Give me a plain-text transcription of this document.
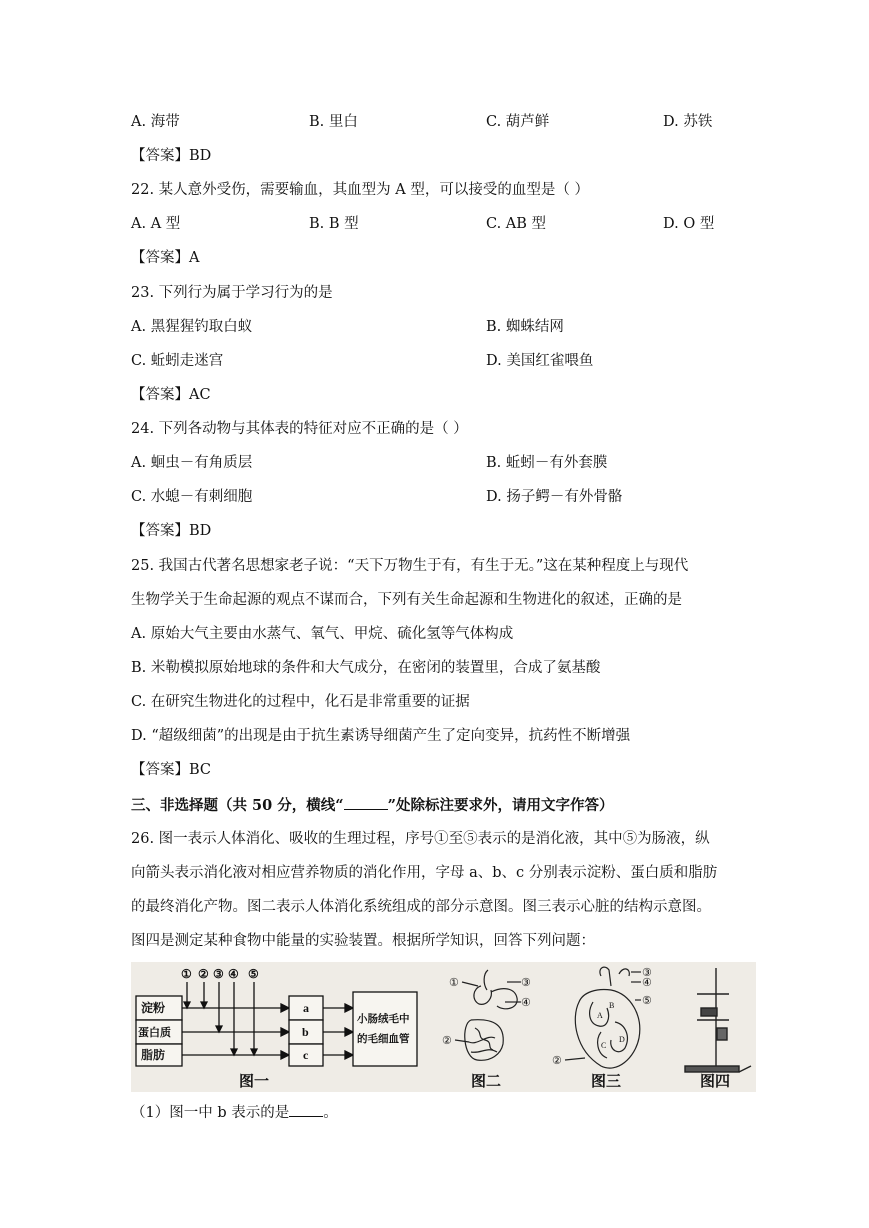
A. 海带	B. 里白	C. 葫芦鲜	D. 苏铁
【答案】BD
22. 某人意外受伤，需要输血，其血型为 A 型，可以接受的血型是（ ）
A. A 型	B. B 型	C. AB 型	D. O 型
【答案】A
23. 下列行为属于学习行为的是
A. 黑猩猩钓取白蚁	B. 蜘蛛结网
C. 蚯蚓走迷宫	D. 美国红雀喂鱼
【答案】AC
24. 下列各动物与其体表的特征对应不正确的是（ ）
A. 蛔虫－有角质层	B. 蚯蚓－有外套膜
C. 水螅－有刺细胞	D. 扬子鳄－有外骨骼
【答案】BD
25. 我国古代著名思想家老子说：“天下万物生于有，有生于无。”这在某种程度上与现代
生物学关于生命起源的观点不谋而合，下列有关生命起源和生物进化的叙述，正确的是
A. 原始大气主要由水蒸气、氧气、甲烷、硫化氢等气体构成
B. 米勒模拟原始地球的条件和大气成分，在密闭的装置里，合成了氨基酸
C. 在研究生物进化的过程中，化石是非常重要的证据
D. “超级细菌”的出现是由于抗生素诱导细菌产生了定向变异，抗药性不断增强
【答案】BC
三、非选择题（共 50 分，横线“	”处除标注要求外，请用文字作答）
26. 图一表示人体消化、吸收的生理过程，序号①至⑤表示的是消化液，其中⑤为肠液，纵
向箭头表示消化液对相应营养物质的消化作用，字母 a、b、c 分别表示淀粉、蛋白质和脂肪
的最终消化产物。图二表示人体消化系统组成的部分示意图。图三表示心脏的结构示意图。
图四是测定某种食物中能量的实验装置。根据所学知识，回答下列问题：
淀粉
蛋白质
脂肪
① ② ③ ④ ⑤
a
b
c
小肠绒毛中
的毛细血管
图一
①	③
④
②
图二
③
④
⑤
②
A
D
B
C
图三	图四
（1）图一中 b 表示的是 。
